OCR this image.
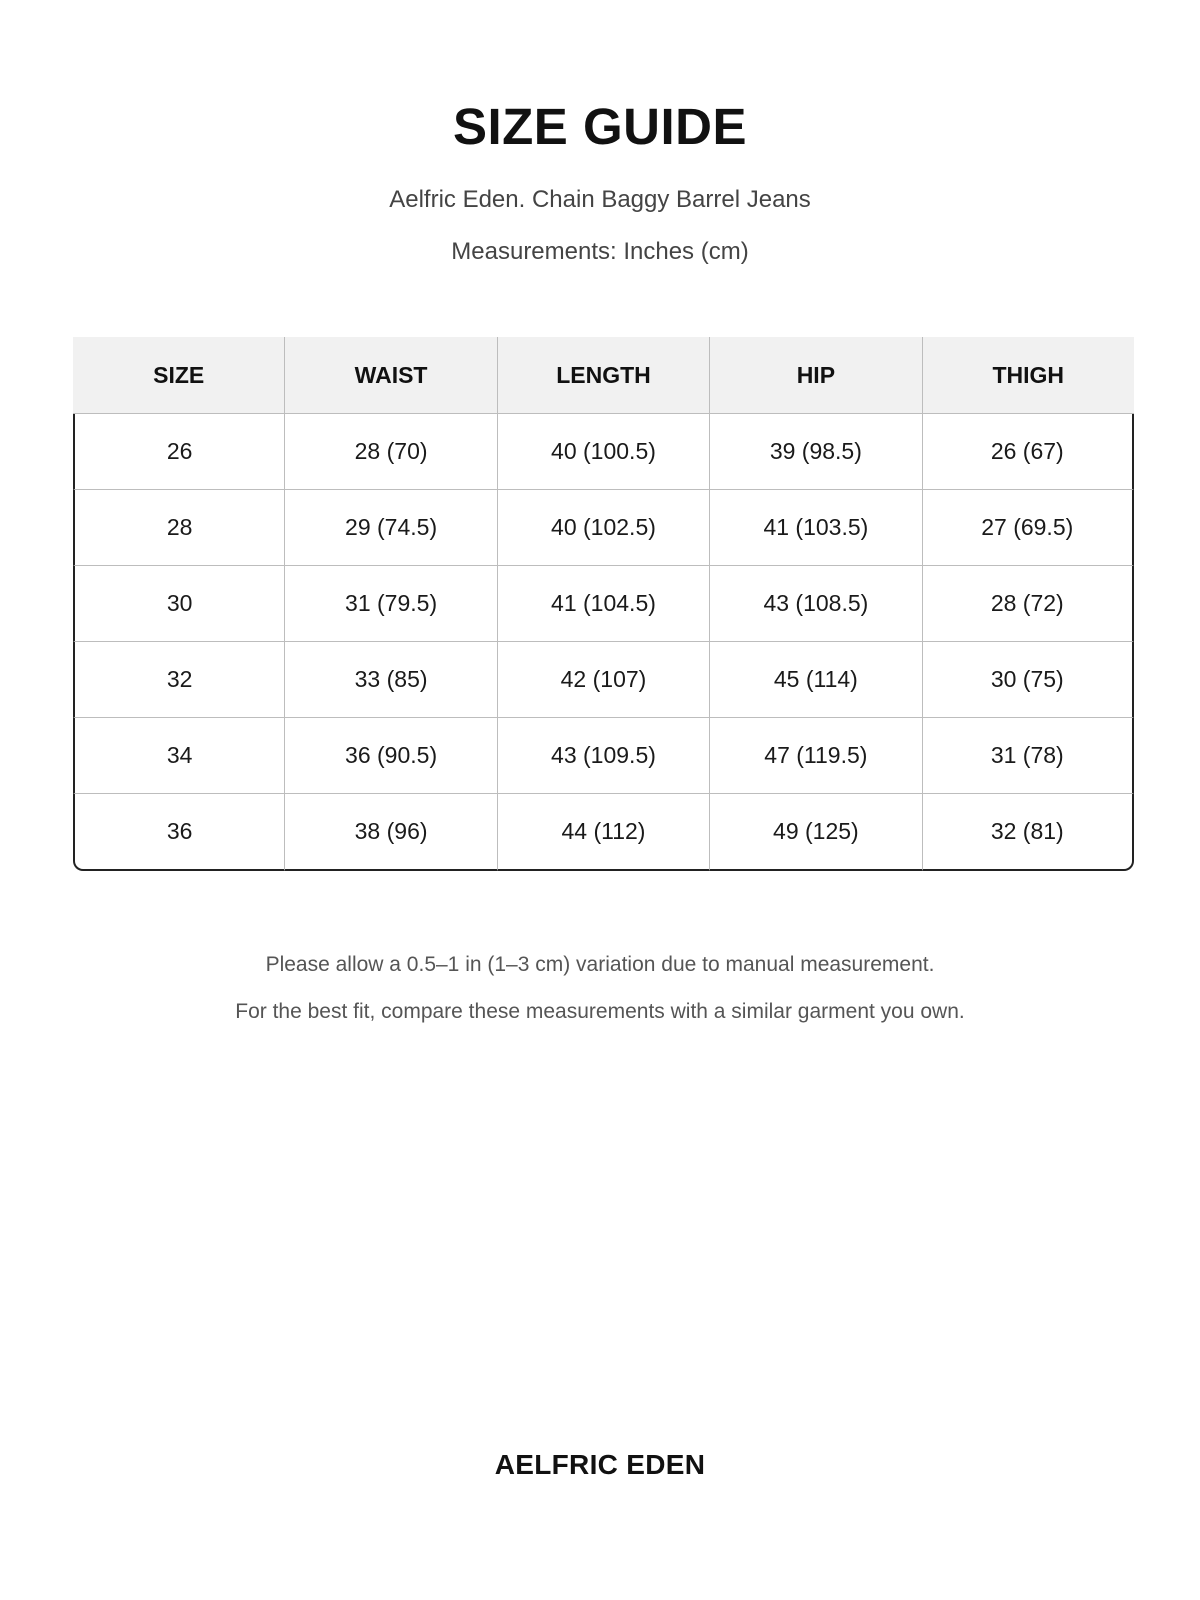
SIZE GUIDE
Aelfric Eden. Chain Baggy Barrel Jeans
Measurements: Inches (cm)
SIZE	WAIST	LENGTH	HIP	THIGH
26	28 (70)	40 (100.5)	39 (98.5)	26 (67)
28	29 (74.5)	40 (102.5)	41 (103.5)	27 (69.5)
30	31 (79.5)	41 (104.5)	43 (108.5)	28 (72)
32	33 (85)	42 (107)	45 (114)	30 (75)
34	36 (90.5)	43 (109.5)	47 (119.5)	31 (78)
36	38 (96)	44 (112)	49 (125)	32 (81)
Please allow a 0.5–1 in (1–3 cm) variation due to manual measurement.
For the best fit, compare these measurements with a similar garment you own.
AELFRIC EDEN
